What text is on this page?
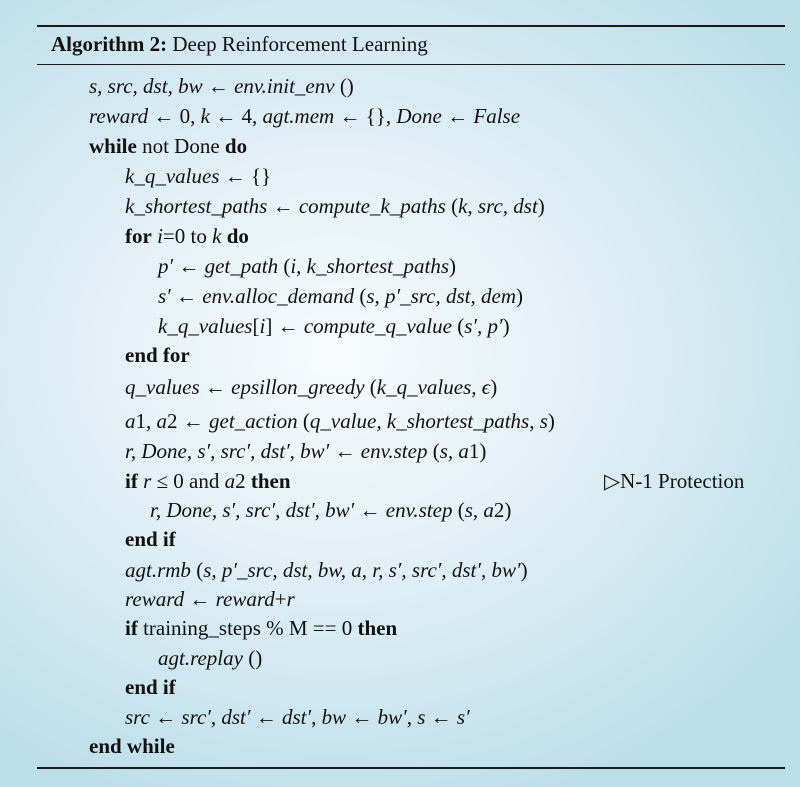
Algorithm 2: Deep Reinforcement Learning
s, src, dst, bw ← env.init_env ()
reward ← 0, k ← 4, agt.mem ← {}, Done ← False
while not Done do
k_q_values ← {}
k_shortest_paths ← compute_k_paths (k, src, dst)
for i=0 to k do
p′ ← get_path (i, k_shortest_paths)
s′ ← env.alloc_demand (s, p′_src, dst, dem)
k_q_values[i] ← compute_q_value (s′, p′)
end for
q_values ← epsillon_greedy (k_q_values, ϵ)
a1, a2 ← get_action (q_value, k_shortest_paths, s)
r, Done, s′, src′, dst′, bw′ ← env.step (s, a1)
if r ≤ 0 and a2 then	▷N-1 Protection
r, Done, s′, src′, dst′, bw′ ← env.step (s, a2)
end if
agt.rmb (s, p′_src, dst, bw, a, r, s′, src′, dst′, bw′)
reward ← reward+r
if training_steps % M == 0 then
agt.replay ()
end if
src ← src′, dst′ ← dst′, bw ← bw′, s ← s′
end while
